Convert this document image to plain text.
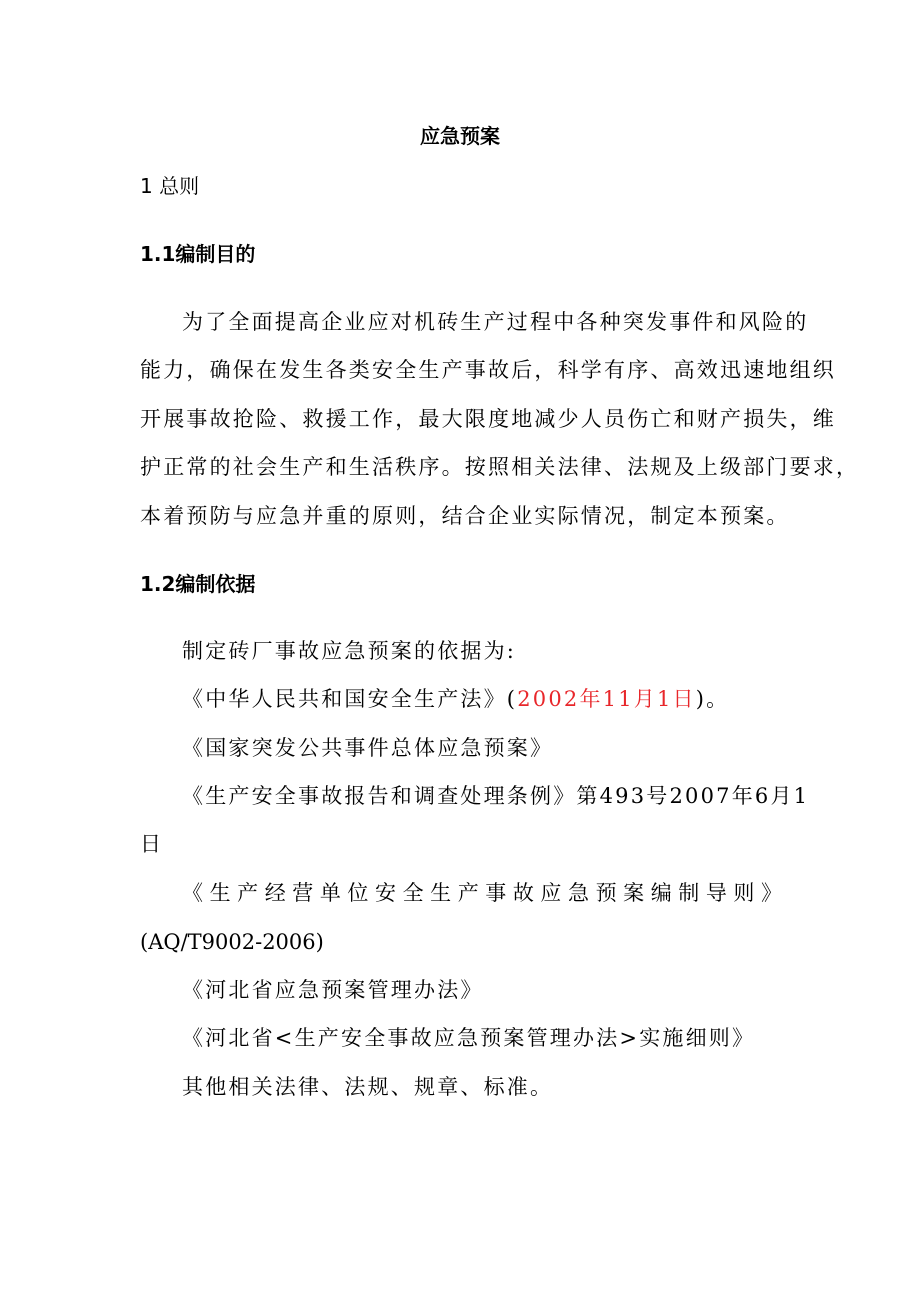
应急预案
1 总则
1.1编制目的
为了全面提高企业应对机砖生产过程中各种突发事件和风险的
能力，确保在发生各类安全生产事故后，科学有序、高效迅速地组织
开展事故抢险、救援工作，最大限度地减少人员伤亡和财产损失，维
护正常的社会生产和生活秩序。按照相关法律、法规及上级部门要求，
本着预防与应急并重的原则，结合企业实际情况，制定本预案。
1.2编制依据
制定砖厂事故应急预案的依据为:
《中华人民共和国安全生产法》(2002年11月1日)。
《国家突发公共事件总体应急预案》
《生产安全事故报告和调查处理条例》第493号2007年6月1
日
《生产经营单位安全生产事故应急预案编制导则》
(AQ/T9002-2006)
《河北省应急预案管理办法》
《河北省<生产安全事故应急预案管理办法>实施细则》
其他相关法律、法规、规章、标准。
